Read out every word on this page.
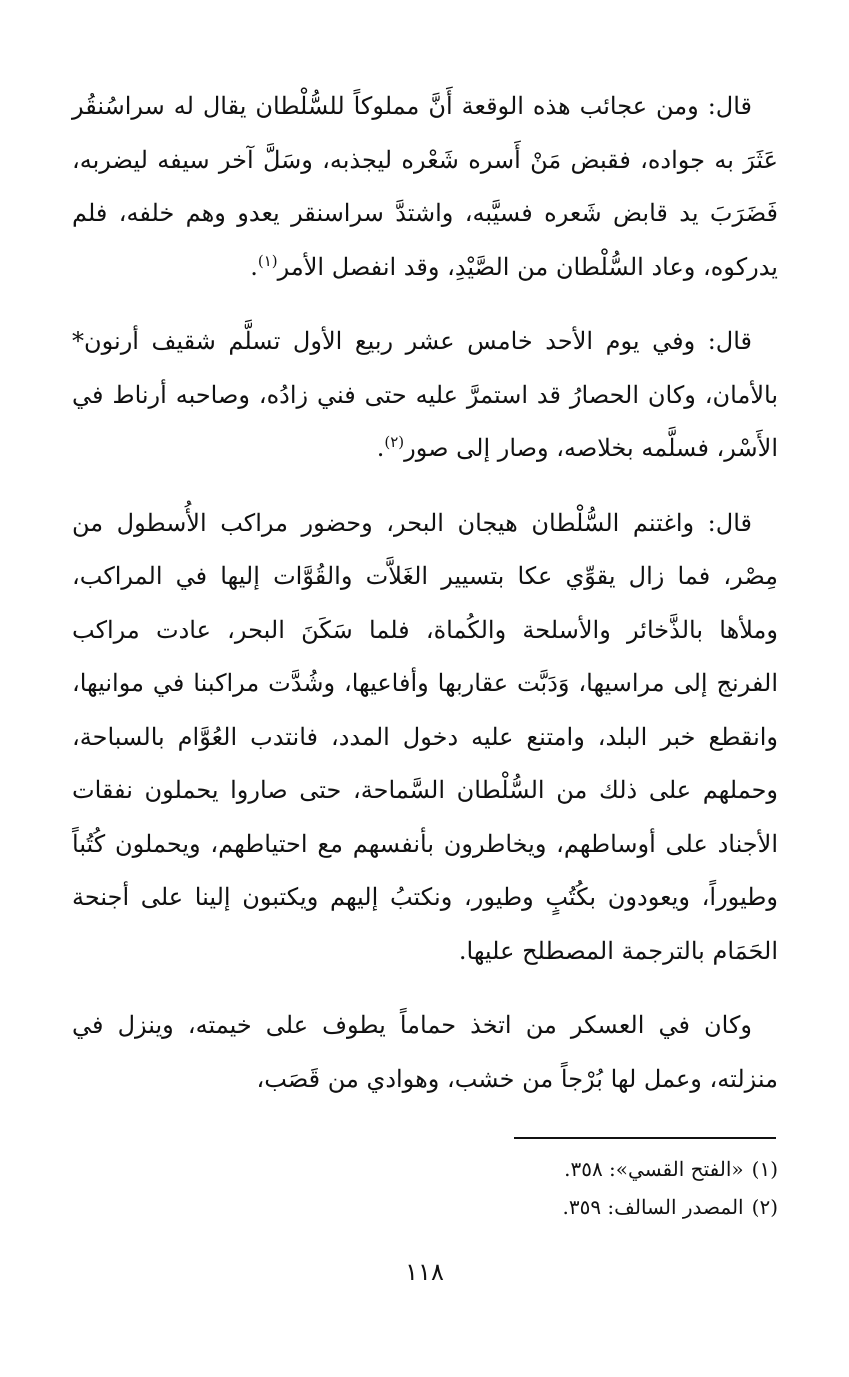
قال: ومن عجائب هذه الوقعة أَنَّ مملوكاً للسُّلْطان يقال له سراسُنقُر عَثَرَ به جواده، فقبض مَنْ أَسره شَعْره ليجذبه، وسَلَّ آخر سيفه ليضربه، فَضَرَبَ يد قابض شَعره فسيَّبه، واشتدَّ سراسنقر يعدو وهم خلفه، فلم يدركوه، وعاد السُّلْطان من الصَّيْدِ، وقد انفصل الأمر$^{(١)}$.

قال: وفي يوم الأحد خامس عشر ربيع الأول تسلَّم شقيف أرنون* بالأمان، وكان الحصارُ قد استمرَّ عليه حتى فني زادُه، وصاحبه أرناط في الأَسْر، فسلَّمه بخلاصه، وصار إلى صور$^{(٢)}$.

قال: واغتنم السُّلْطان هيجان البحر، وحضور مراكب الأُسطول من مِصْر، فما زال يقوِّي عكا بتسيير الغَلاَّت والقُوَّات إليها في المراكب، وملأها بالذَّخائر والأسلحة والكُماة، فلما سَكَنَ البحر، عادت مراكب الفرنج إلى مراسيها، وَدَبَّت عقاربها وأفاعيها، وشُدَّت مراكبنا في موانيها، وانقطع خبر البلد، وامتنع عليه دخول المدد، فانتدب العُوَّام بالسباحة، وحملهم على ذلك من السُّلْطان السَّماحة، حتى صاروا يحملون نفقات الأجناد على أوساطهم، ويخاطرون بأنفسهم مع احتياطهم، ويحملون كُتُباً وطيوراً، ويعودون بكُتُبٍ وطيور، ونكتبُ إليهم ويكتبون إلينا على أجنحة الحَمَام بالترجمة المصطلح عليها.

وكان في العسكر من اتخذ حماماً يطوف على خيمته، وينزل في منزلته، وعمل لها بُرْجاً من خشب، وهوادي من قَصَب،

(١)«الفتح القسي»: ٣٥٨.

(٢)المصدر السالف: ٣٥٩.

١١٨
